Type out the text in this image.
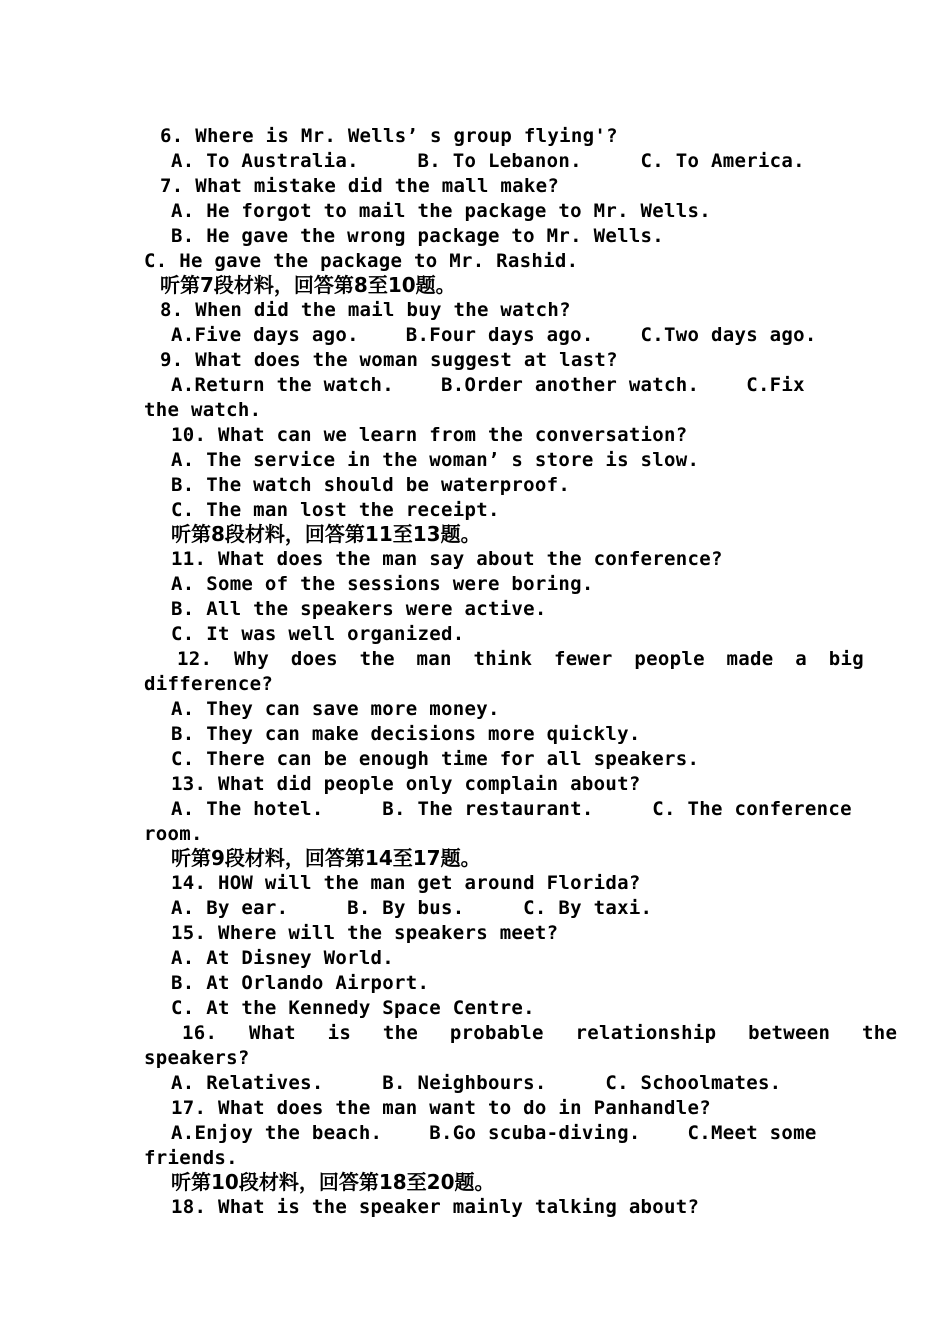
6. Where is Mr. Wells’ s group flying'?
A. To Australia.     B. To Lebanon.     C. To America.
7. What mistake did the mall make?
A. He forgot to mail the package to Mr. Wells.
B. He gave the wrong package to Mr. Wells.
C. He gave the package to Mr. Rashid.
听第7段材料，回答第8至10题。
8. When did the mail buy the watch?
A.Five days ago.    B.Four days ago.    C.Two days ago.
9. What does the woman suggest at last?
A.Return the watch.    B.Order another watch.    C.Fix
the watch.
10. What can we learn from the conversation?
A. The service in the woman’ s store is slow.
B. The watch should be waterproof.
C. The man lost the receipt.
听第8段材料，回答第11至13题。
11. What does the man say about the conference?
A. Some of the sessions were boring.
B. All the speakers were active.
C. It was well organized.
12. Why does the man think fewer people made a big
difference?
A. They can save more money.
B. They can make decisions more quickly.
C. There can be enough time for all speakers.
13. What did people only complain about?
A. The hotel.     B. The restaurant.     C. The conference
room.
听第9段材料，回答第14至17题。
14. HOW will the man get around Florida?
A. By ear.     B. By bus.     C. By taxi.
15. Where will the speakers meet?
A. At Disney World.
B. At Orlando Airport.
C. At the Kennedy Space Centre.
16. What is the probable relationship between the
speakers?
A. Relatives.     B. Neighbours.     C. Schoolmates.
17. What does the man want to do in Panhandle?
A.Enjoy the beach.    B.Go scuba-diving.    C.Meet some
friends.
听第10段材料，回答第18至20题。
18. What is the speaker mainly talking about?
